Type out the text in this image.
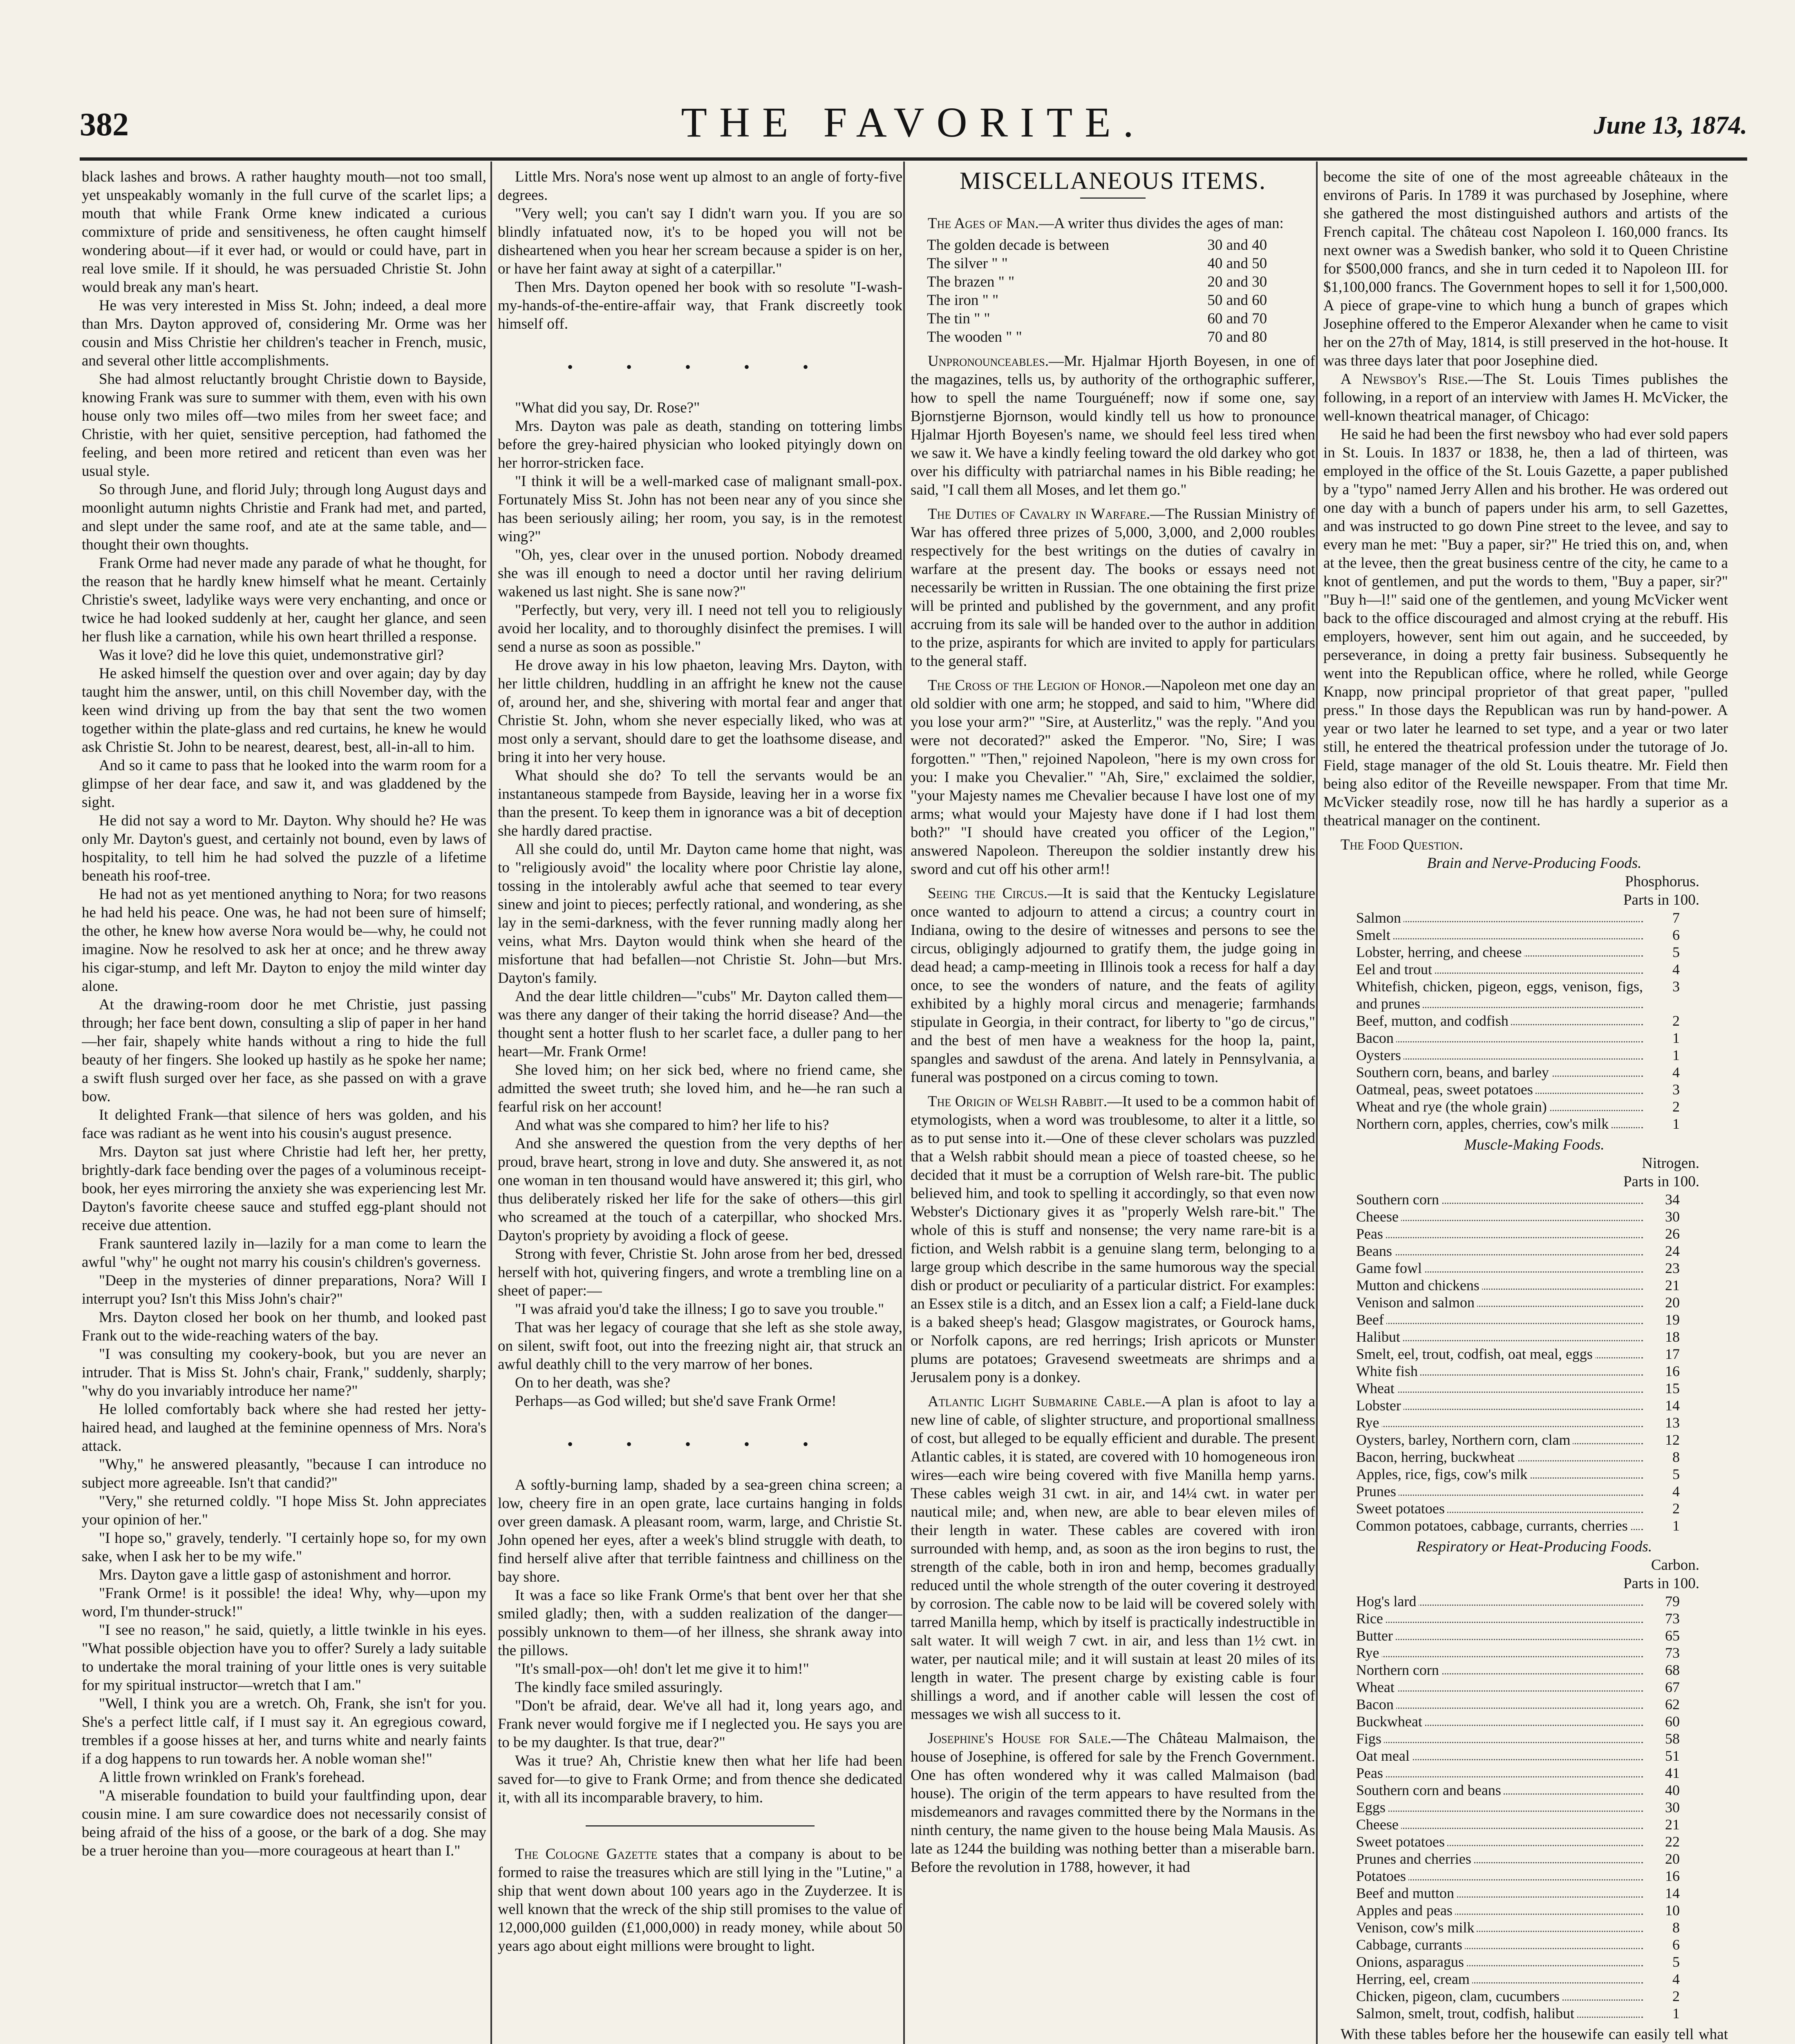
382	THE FAVORITE.	June 13, 1874.

black lashes and brows. A rather haughty mouth—not too small, yet unspeakably womanly in the full curve of the scarlet lips; a mouth that while Frank Orme knew indicated a curious commixture of pride and sensitiveness, he often caught himself wondering about—if it ever had, or would or could have, part in real love smile. If it should, he was persuaded Christie St. John would break any man's heart.

He was very interested in Miss St. John; indeed, a deal more than Mrs. Dayton approved of, considering Mr. Orme was her cousin and Miss Christie her children's teacher in French, music, and several other little accomplishments.

She had almost reluctantly brought Christie down to Bayside, knowing Frank was sure to summer with them, even with his own house only two miles off—two miles from her sweet face; and Christie, with her quiet, sensitive perception, had fathomed the feeling, and been more retired and reticent than even was her usual style.

So through June, and florid July; through long August days and moonlight autumn nights Christie and Frank had met, and parted, and slept under the same roof, and ate at the same table, and—thought their own thoughts.

Frank Orme had never made any parade of what he thought, for the reason that he hardly knew himself what he meant. Certainly Christie's sweet, ladylike ways were very enchanting, and once or twice he had looked suddenly at her, caught her glance, and seen her flush like a carnation, while his own heart thrilled a response.

Was it love? did he love this quiet, undemonstrative girl?

He asked himself the question over and over again; day by day taught him the answer, until, on this chill November day, with the keen wind driving up from the bay that sent the two women together within the plate-glass and red curtains, he knew he would ask Christie St. John to be nearest, dearest, best, all-in-all to him.

And so it came to pass that he looked into the warm room for a glimpse of her dear face, and saw it, and was gladdened by the sight.

He did not say a word to Mr. Dayton. Why should he? He was only Mr. Dayton's guest, and certainly not bound, even by laws of hospitality, to tell him he had solved the puzzle of a lifetime beneath his roof-tree.

He had not as yet mentioned anything to Nora; for two reasons he had held his peace. One was, he had not been sure of himself; the other, he knew how averse Nora would be—why, he could not imagine. Now he resolved to ask her at once; and he threw away his cigar-stump, and left Mr. Dayton to enjoy the mild winter day alone.

At the drawing-room door he met Christie, just passing through; her face bent down, consulting a slip of paper in her hand—her fair, shapely white hands without a ring to hide the full beauty of her fingers. She looked up hastily as he spoke her name; a swift flush surged over her face, as she passed on with a grave bow.

It delighted Frank—that silence of hers was golden, and his face was radiant as he went into his cousin's august presence.

Mrs. Dayton sat just where Christie had left her, her pretty, brightly-dark face bending over the pages of a voluminous receipt-book, her eyes mirroring the anxiety she was experiencing lest Mr. Dayton's favorite cheese sauce and stuffed egg-plant should not receive due attention.

Frank sauntered lazily in—lazily for a man come to learn the awful "why" he ought not marry his cousin's children's governess.

"Deep in the mysteries of dinner preparations, Nora? Will I interrupt you? Isn't this Miss John's chair?"

Mrs. Dayton closed her book on her thumb, and looked past Frank out to the wide-reaching waters of the bay.

"I was consulting my cookery-book, but you are never an intruder. That is Miss St. John's chair, Frank," suddenly, sharply; "why do you invariably introduce her name?"

He lolled comfortably back where she had rested her jetty-haired head, and laughed at the feminine openness of Mrs. Nora's attack.

"Why," he answered pleasantly, "because I can introduce no subject more agreeable. Isn't that candid?"

"Very," she returned coldly. "I hope Miss St. John appreciates your opinion of her."

"I hope so," gravely, tenderly. "I certainly hope so, for my own sake, when I ask her to be my wife."

Mrs. Dayton gave a little gasp of astonishment and horror.

"Frank Orme! is it possible! the idea! Why, why—upon my word, I'm thunder-struck!"

"I see no reason," he said, quietly, a little twinkle in his eyes. "What possible objection have you to offer? Surely a lady suitable to undertake the moral training of your little ones is very suitable for my spiritual instructor—wretch that I am."

"Well, I think you are a wretch. Oh, Frank, she isn't for you. She's a perfect little calf, if I must say it. An egregious coward, trembles if a goose hisses at her, and turns white and nearly faints if a dog happens to run towards her. A noble woman she!"

A little frown wrinkled on Frank's forehead.

"A miserable foundation to build your faultfinding upon, dear cousin mine. I am sure cowardice does not necessarily consist of being afraid of the hiss of a goose, or the bark of a dog. She may be a truer heroine than you—more courageous at heart than I."

Little Mrs. Nora's nose went up almost to an angle of forty-five degrees.

"Very well; you can't say I didn't warn you. If you are so blindly infatuated now, it's to be hoped you will not be disheartened when you hear her scream because a spider is on her, or have her faint away at sight of a caterpillar."

Then Mrs. Dayton opened her book with so resolute "I-wash-my-hands-of-the-entire-affair way, that Frank discreetly took himself off.

• • • • •

"What did you say, Dr. Rose?"

Mrs. Dayton was pale as death, standing on tottering limbs before the grey-haired physician who looked pityingly down on her horror-stricken face.

"I think it will be a well-marked case of malignant small-pox. Fortunately Miss St. John has not been near any of you since she has been seriously ailing; her room, you say, is in the remotest wing?"

"Oh, yes, clear over in the unused portion. Nobody dreamed she was ill enough to need a doctor until her raving delirium wakened us last night. She is sane now?"

"Perfectly, but very, very ill. I need not tell you to religiously avoid her locality, and to thoroughly disinfect the premises. I will send a nurse as soon as possible."

He drove away in his low phaeton, leaving Mrs. Dayton, with her little children, huddling in an affright he knew not the cause of, around her, and she, shivering with mortal fear and anger that Christie St. John, whom she never especially liked, who was at most only a servant, should dare to get the loathsome disease, and bring it into her very house.

What should she do? To tell the servants would be an instantaneous stampede from Bayside, leaving her in a worse fix than the present. To keep them in ignorance was a bit of deception she hardly dared practise.

All she could do, until Mr. Dayton came home that night, was to "religiously avoid" the locality where poor Christie lay alone, tossing in the intolerably awful ache that seemed to tear every sinew and joint to pieces; perfectly rational, and wondering, as she lay in the semi-darkness, with the fever running madly along her veins, what Mrs. Dayton would think when she heard of the misfortune that had befallen—not Christie St. John—but Mrs. Dayton's family.

And the dear little children—"cubs" Mr. Dayton called them—was there any danger of their taking the horrid disease? And—the thought sent a hotter flush to her scarlet face, a duller pang to her heart—Mr. Frank Orme!

She loved him; on her sick bed, where no friend came, she admitted the sweet truth; she loved him, and he—he ran such a fearful risk on her account!

And what was she compared to him? her life to his?

And she answered the question from the very depths of her proud, brave heart, strong in love and duty. She answered it, as not one woman in ten thousand would have answered it; this girl, who thus deliberately risked her life for the sake of others—this girl who screamed at the touch of a caterpillar, who shocked Mrs. Dayton's propriety by avoiding a flock of geese.

Strong with fever, Christie St. John arose from her bed, dressed herself with hot, quivering fingers, and wrote a trembling line on a sheet of paper:—

"I was afraid you'd take the illness; I go to save you trouble."

That was her legacy of courage that she left as she stole away, on silent, swift foot, out into the freezing night air, that struck an awful deathly chill to the very marrow of her bones.

On to her death, was she?

Perhaps—as God willed; but she'd save Frank Orme!

• • • • •

A softly-burning lamp, shaded by a sea-green china screen; a low, cheery fire in an open grate, lace curtains hanging in folds over green damask. A pleasant room, warm, large, and Christie St. John opened her eyes, after a week's blind struggle with death, to find herself alive after that terrible faintness and chilliness on the bay shore.

It was a face so like Frank Orme's that bent over her that she smiled gladly; then, with a sudden realization of the danger—possibly unknown to them—of her illness, she shrank away into the pillows.

"It's small-pox—oh! don't let me give it to him!"

The kindly face smiled assuringly.

"Don't be afraid, dear. We've all had it, long years ago, and Frank never would forgive me if I neglected you. He says you are to be my daughter. Is that true, dear?"

Was it true? Ah, Christie knew then what her life had been saved for—to give to Frank Orme; and from thence she dedicated it, with all its incomparable bravery, to him.

The Cologne Gazette states that a company is about to be formed to raise the treasures which are still lying in the "Lutine," a ship that went down about 100 years ago in the Zuyderzee. It is well known that the wreck of the ship still promises to the value of 12,000,000 guilden (£1,000,000) in ready money, while about 50 years ago about eight millions were brought to light.

MISCELLANEOUS ITEMS.

The Ages of Man.—A writer thus divides the ages of man:

The golden decade is between	30 and 40
The silver " "	40 and 50
The brazen " "	20 and 30
The iron " "	50 and 60
The tin " "	60 and 70
The wooden " "	70 and 80

Unpronounceables.—Mr. Hjalmar Hjorth Boyesen, in one of the magazines, tells us, by authority of the orthographic sufferer, how to spell the name Tourguéneff; now if some one, say Bjornstjerne Bjornson, would kindly tell us how to pronounce Hjalmar Hjorth Boyesen's name, we should feel less tired when we saw it. We have a kindly feeling toward the old darkey who got over his difficulty with patriarchal names in his Bible reading; he said, "I call them all Moses, and let them go."

The Duties of Cavalry in Warfare.—The Russian Ministry of War has offered three prizes of 5,000, 3,000, and 2,000 roubles respectively for the best writings on the duties of cavalry in warfare at the present day. The books or essays need not necessarily be written in Russian. The one obtaining the first prize will be printed and published by the government, and any profit accruing from its sale will be handed over to the author in addition to the prize, aspirants for which are invited to apply for particulars to the general staff.

The Cross of the Legion of Honor.—Napoleon met one day an old soldier with one arm; he stopped, and said to him, "Where did you lose your arm?" "Sire, at Austerlitz," was the reply. "And you were not decorated?" asked the Emperor. "No, Sire; I was forgotten." "Then," rejoined Napoleon, "here is my own cross for you: I make you Chevalier." "Ah, Sire," exclaimed the soldier, "your Majesty names me Chevalier because I have lost one of my arms; what would your Majesty have done if I had lost them both?" "I should have created you officer of the Legion," answered Napoleon. Thereupon the soldier instantly drew his sword and cut off his other arm!!

Seeing the Circus.—It is said that the Kentucky Legislature once wanted to adjourn to attend a circus; a country court in Indiana, owing to the desire of witnesses and persons to see the circus, obligingly adjourned to gratify them, the judge going in dead head; a camp-meeting in Illinois took a recess for half a day once, to see the wonders of nature, and the feats of agility exhibited by a highly moral circus and menagerie; farmhands stipulate in Georgia, in their contract, for liberty to "go de circus," and the best of men have a weakness for the hoop la, paint, spangles and sawdust of the arena. And lately in Pennsylvania, a funeral was postponed on a circus coming to town.

The Origin of Welsh Rabbit.—It used to be a common habit of etymologists, when a word was troublesome, to alter it a little, so as to put sense into it.—One of these clever scholars was puzzled that a Welsh rabbit should mean a piece of toasted cheese, so he decided that it must be a corruption of Welsh rare-bit. The public believed him, and took to spelling it accordingly, so that even now Webster's Dictionary gives it as "properly Welsh rare-bit." The whole of this is stuff and nonsense; the very name rare-bit is a fiction, and Welsh rabbit is a genuine slang term, belonging to a large group which describe in the same humorous way the special dish or product or peculiarity of a particular district. For examples: an Essex stile is a ditch, and an Essex lion a calf; a Field-lane duck is a baked sheep's head; Glasgow magistrates, or Gourock hams, or Norfolk capons, are red herrings; Irish apricots or Munster plums are potatoes; Gravesend sweetmeats are shrimps and a Jerusalem pony is a donkey.

Atlantic Light Submarine Cable.—A plan is afoot to lay a new line of cable, of slighter structure, and proportional smallness of cost, but alleged to be equally efficient and durable. The present Atlantic cables, it is stated, are covered with 10 homogeneous iron wires—each wire being covered with five Manilla hemp yarns. These cables weigh 31 cwt. in air, and 14¼ cwt. in water per nautical mile; and, when new, are able to bear eleven miles of their length in water. These cables are covered with iron surrounded with hemp, and, as soon as the iron begins to rust, the strength of the cable, both in iron and hemp, becomes gradually reduced until the whole strength of the outer covering it destroyed by corrosion. The cable now to be laid will be covered solely with tarred Manilla hemp, which by itself is practically indestructible in salt water. It will weigh 7 cwt. in air, and less than 1½ cwt. in water, per nautical mile; and it will sustain at least 20 miles of its length in water. The present charge by existing cable is four shillings a word, and if another cable will lessen the cost of messages we wish all success to it.

Josephine's House for Sale.—The Château Malmaison, the house of Josephine, is offered for sale by the French Government. One has often wondered why it was called Malmaison (bad house). The origin of the term appears to have resulted from the misdemeanors and ravages committed there by the Normans in the ninth century, the name given to the house being Mala Mausis. As late as 1244 the building was nothing better than a miserable barn. Before the revolution in 1788, however, it had

become the site of one of the most agreeable châteaux in the environs of Paris. In 1789 it was purchased by Josephine, where she gathered the most distinguished authors and artists of the French capital. The château cost Napoleon I. 160,000 francs. Its next owner was a Swedish banker, who sold it to Queen Christine for $500,000 francs, and she in turn ceded it to Napoleon III. for $1,100,000 francs. The Government hopes to sell it for 1,500,000. A piece of grape-vine to which hung a bunch of grapes which Josephine offered to the Emperor Alexander when he came to visit her on the 27th of May, 1814, is still preserved in the hot-house. It was three days later that poor Josephine died.

A Newsboy's Rise.—The St. Louis Times publishes the following, in a report of an interview with James H. McVicker, the well-known theatrical manager, of Chicago:

He said he had been the first newsboy who had ever sold papers in St. Louis. In 1837 or 1838, he, then a lad of thirteen, was employed in the office of the St. Louis Gazette, a paper published by a "typo" named Jerry Allen and his brother. He was ordered out one day with a bunch of papers under his arm, to sell Gazettes, and was instructed to go down Pine street to the levee, and say to every man he met: "Buy a paper, sir?" He tried this on, and, when at the levee, then the great business centre of the city, he came to a knot of gentlemen, and put the words to them, "Buy a paper, sir?" "Buy h—l!" said one of the gentlemen, and young McVicker went back to the office discouraged and almost crying at the rebuff. His employers, however, sent him out again, and he succeeded, by perseverance, in doing a pretty fair business. Subsequently he went into the Republican office, where he rolled, while George Knapp, now principal proprietor of that great paper, "pulled press." In those days the Republican was run by hand-power. A year or two later he learned to set type, and a year or two later still, he entered the theatrical profession under the tutorage of Jo. Field, stage manager of the old St. Louis theatre. Mr. Field then being also editor of the Reveille newspaper. From that time Mr. McVicker steadily rose, now till he has hardly a superior as a theatrical manager on the continent.

The Food Question.

Brain and Nerve-Producing Foods.

Phosphorus.

Parts in 100.

Salmon	7
Smelt	6
Lobster, herring, and cheese	5
Eel and trout	4
Whitefish, chicken, pigeon, eggs, venison, figs, and prunes	3
Beef, mutton, and codfish	2
Bacon	1
Oysters	1
Southern corn, beans, and barley	4
Oatmeal, peas, sweet potatoes	3
Wheat and rye (the whole grain)	2
Northern corn, apples, cherries, cow's milk	1

Muscle-Making Foods.

Nitrogen.

Parts in 100.

Southern corn	34
Cheese	30
Peas	26
Beans	24
Game fowl	23
Mutton and chickens	21
Venison and salmon	20
Beef	19
Halibut	18
Smelt, eel, trout, codfish, oat meal, eggs	17
White fish	16
Wheat	15
Lobster	14
Rye	13
Oysters, barley, Northern corn, clam	12
Bacon, herring, buckwheat	8
Apples, rice, figs, cow's milk	5
Prunes	4
Sweet potatoes	2
Common potatoes, cabbage, currants, cherries	1

Respiratory or Heat-Producing Foods.

Carbon.

Parts in 100.

Hog's lard	79
Rice	73
Butter	65
Rye	73
Northern corn	68
Wheat	67
Bacon	62
Buckwheat	60
Figs	58
Oat meal	51
Peas	41
Southern corn and beans	40
Eggs	30
Cheese	21
Sweet potatoes	22
Prunes and cherries	20
Potatoes	16
Beef and mutton	14
Apples and peas	10
Venison, cow's milk	8
Cabbage, currants	6
Onions, asparagus	5
Herring, eel, cream	4
Chicken, pigeon, clam, cucumbers	2
Salmon, smelt, trout, codfish, halibut	1

With these tables before her the housewife can easily tell what
